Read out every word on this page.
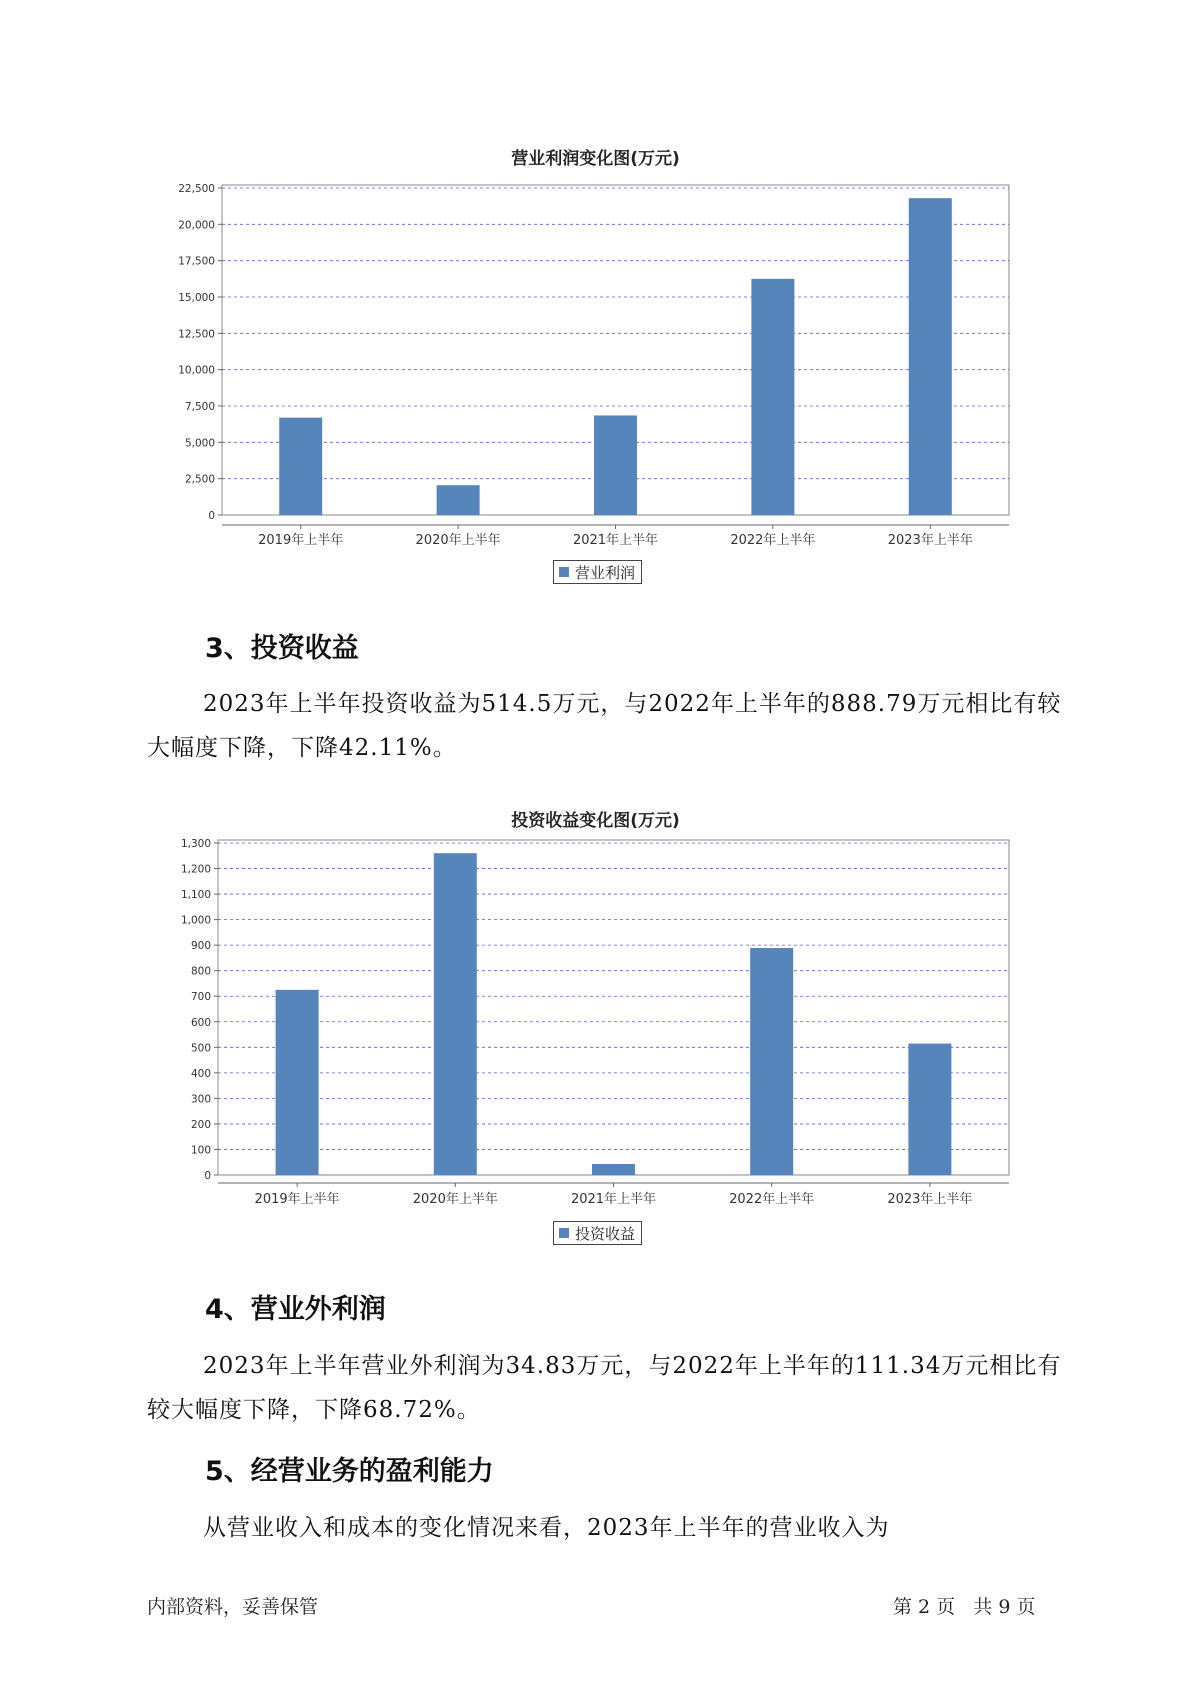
营业利润变化图(万元)
0
2,500
5,000
7,500
10,000
12,500
15,000
17,500
20,000
22,500
2019年上半年	2020年上半年	2021年上半年	2022年上半年	2023年上半年
营业利润
3、投资收益
2023年上半年投资收益为514.5万元，与2022年上半年的888.79万元相比有较大幅度下降，下降42.11%。
投资收益变化图(万元)
0
100
200
300
400
500
600
700
800
900
1,000
1,100
1,200
1,300
2019年上半年	2020年上半年	2021年上半年	2022年上半年	2023年上半年
投资收益
4、营业外利润
2023年上半年营业外利润为34.83万元，与2022年上半年的111.34万元相比有较大幅度下降，下降68.72%。
5、经营业务的盈利能力
从营业收入和成本的变化情况来看，2023年上半年的营业收入为
内部资料，妥善保管	第 2 页   共 9 页
